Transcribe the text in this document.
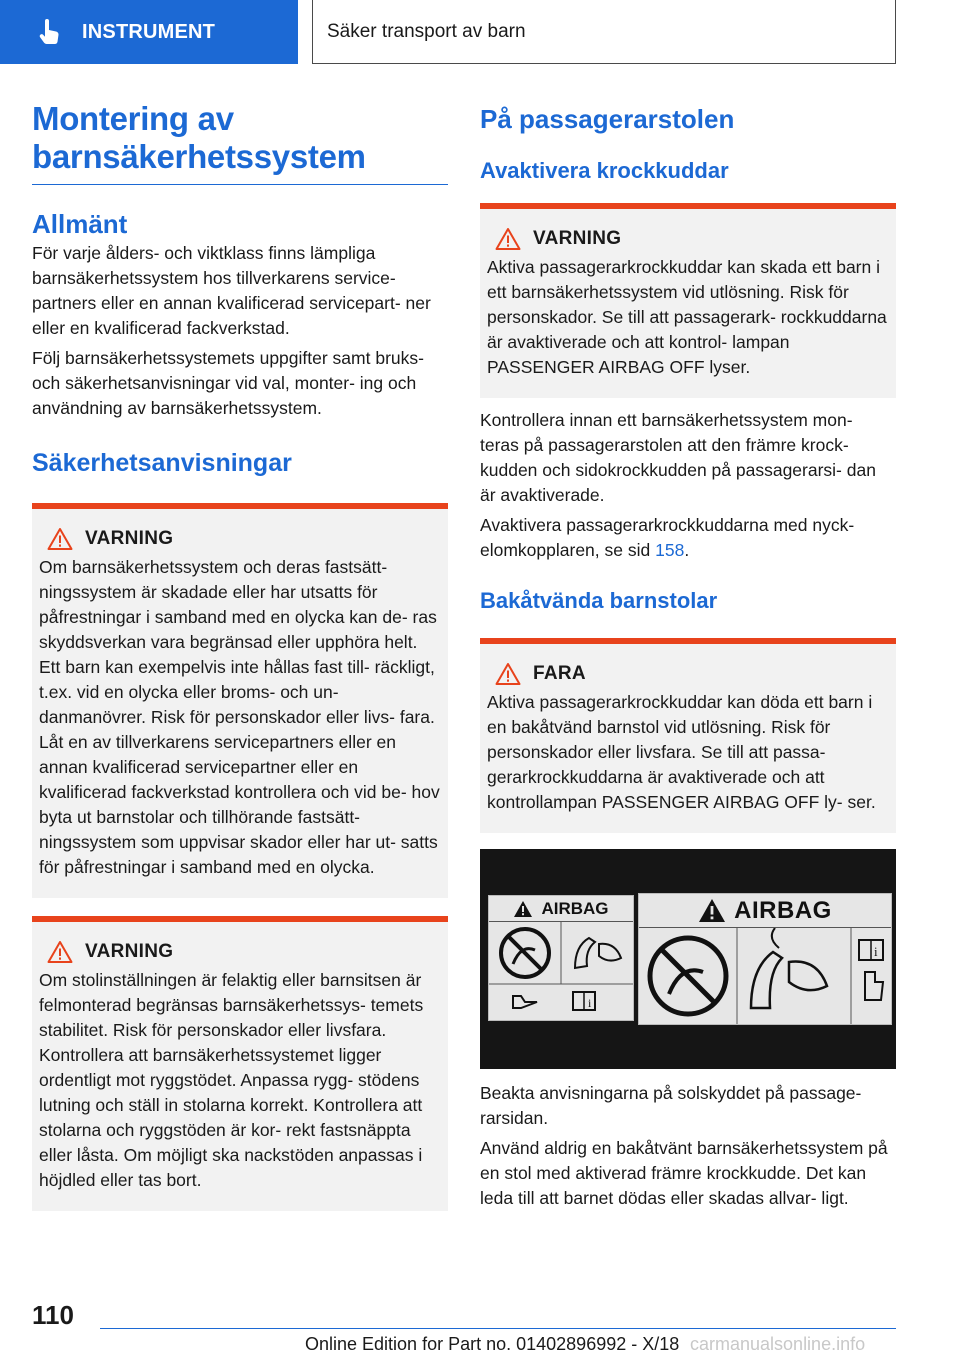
INSTRUMENT	Säker transport av barn
Montering av
barnsäkerhetssystem
Allmänt

För varje ålders- och viktklass finns lämpliga barnsäkerhetssystem hos tillverkarens service- partners eller en annan kvalificerad servicepart- ner eller en kvalificerad fackverkstad.

Följ barnsäkerhetssystemets uppgifter samt bruks- och säkerhetsanvisningar vid val, monter- ing och användning av barnsäkerhetssystem.

Säkerhetsanvisningar
VARNING

Om barnsäkerhetssystem och deras fastsätt- ningssystem är skadade eller har utsatts för påfrestningar i samband med en olycka kan de- ras skyddsverkan vara begränsad eller upphöra helt. Ett barn kan exempelvis inte hållas fast till- räckligt, t.ex. vid en olycka eller broms- och un- danmanövrer. Risk för personskador eller livs- fara. Låt en av tillverkarens servicepartners eller en annan kvalificerad servicepartner eller en kvalificerad fackverkstad kontrollera och vid be- hov byta ut barnstolar och tillhörande fastsätt- ningssystem som uppvisar skador eller har ut- satts för påfrestningar i samband med en olycka.

VARNING

Om stolinställningen är felaktig eller barnsitsen är felmonterad begränsas barnsäkerhetssys- temets stabilitet. Risk för personskador eller livsfara. Kontrollera att barnsäkerhetssystemet ligger ordentligt mot ryggstödet. Anpassa rygg- stödens lutning och ställ in stolarna korrekt. Kontrollera att stolarna och ryggstöden är kor- rekt fastsnäppta eller låsta. Om möjligt ska nackstöden anpassas i höjdled eller tas bort.

På passagerarstolen
Avaktivera krockkuddar
VARNING

Aktiva passagerarkrockkuddar kan skada ett barn i ett barnsäkerhetssystem vid utlösning. Risk för personskador. Se till att passagerark- rockkuddarna är avaktiverade och att kontrol- lampan PASSENGER AIRBAG OFF lyser.

Kontrollera innan ett barnsäkerhetssystem mon- teras på passagerarstolen att den främre krock- kudden och sidokrockkudden på passagerarsi- dan är avaktiverade.

Avaktivera passagerarkrockkuddarna med nyck- elomkopplaren, se sid 158.

Bakåtvända barnstolar
FARA

Aktiva passagerarkrockkuddar kan döda ett barn i en bakåtvänd barnstol vid utlösning. Risk för personskador eller livsfara. Se till att passa- gerarkrockkuddarna är avaktiverade och att kontrollampan PASSENGER AIRBAG OFF ly- ser.

AIRBAG
i
AIRBAG
i

Beakta anvisningarna på solskyddet på passage- rarsidan.

Använd aldrig en bakåtvänt barnsäkerhetssystem på en stol med aktiverad främre krockkudde. Det kan leda till att barnet dödas eller skadas allvar- ligt.

110
Online Edition for Part no. 01402896992 - X/18 carmanualsonline.info
